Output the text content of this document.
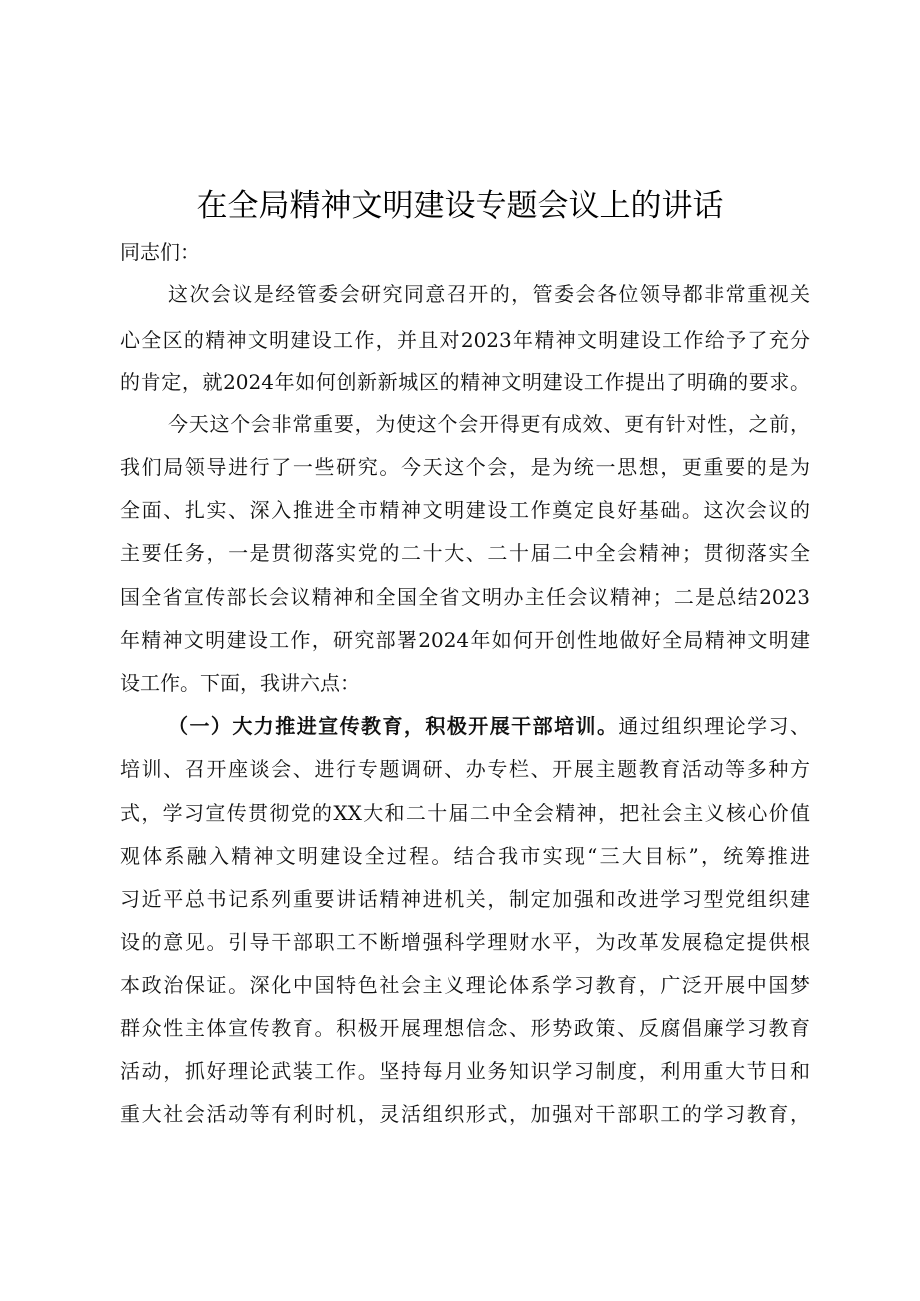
在全局精神文明建设专题会议上的讲话
同志们：
这次会议是经管委会研究同意召开的，管委会各位领导都非常重视关
心全区的精神文明建设工作，并且对2023年精神文明建设工作给予了充分
的肯定，就2024年如何创新新城区的精神文明建设工作提出了明确的要求。
今天这个会非常重要，为使这个会开得更有成效、更有针对性，之前，
我们局领导进行了一些研究。今天这个会，是为统一思想，更重要的是为
全面、扎实、深入推进全市精神文明建设工作奠定良好基础。这次会议的
主要任务，一是贯彻落实党的二十大、二十届二中全会精神；贯彻落实全
国全省宣传部长会议精神和全国全省文明办主任会议精神；二是总结2023
年精神文明建设工作，研究部署2024年如何开创性地做好全局精神文明建
设工作。下面，我讲六点：
（一）大力推进宣传教育，积极开展干部培训。通过组织理论学习、
培训、召开座谈会、进行专题调研、办专栏、开展主题教育活动等多种方
式，学习宣传贯彻党的XX大和二十届二中全会精神，把社会主义核心价值
观体系融入精神文明建设全过程。结合我市实现“三大目标”，统筹推进
习近平总书记系列重要讲话精神进机关，制定加强和改进学习型党组织建
设的意见。引导干部职工不断增强科学理财水平，为改革发展稳定提供根
本政治保证。深化中国特色社会主义理论体系学习教育，广泛开展中国梦
群众性主体宣传教育。积极开展理想信念、形势政策、反腐倡廉学习教育
活动，抓好理论武装工作。坚持每月业务知识学习制度，利用重大节日和
重大社会活动等有利时机，灵活组织形式，加强对干部职工的学习教育，
